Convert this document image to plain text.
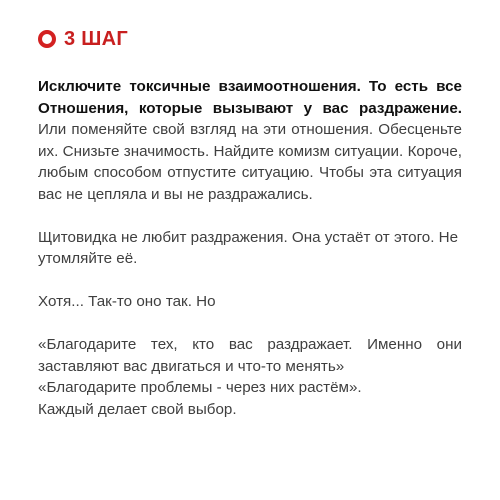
3 ШАГ

Исключите токсичные взаимоотношения. То есть все Отношения, которые вызывают у вас раздражение. Или поменяйте свой взгляд на эти отношения. Обесценьте их. Снизьте значимость. Найдите комизм ситуации. Короче, любым способом отпустите ситуацию. Чтобы эта ситуация вас не цепляла и вы не раздражались.

Щитовидка не любит раздражения. Она устаёт от этого. Не утомляйте её.

Хотя... Так-то оно так. Но

«Благодарите тех, кто вас раздражает. Именно они заставляют вас двигаться и что-то менять»
«Благодарите проблемы - через них растём».
Каждый делает свой выбор.
